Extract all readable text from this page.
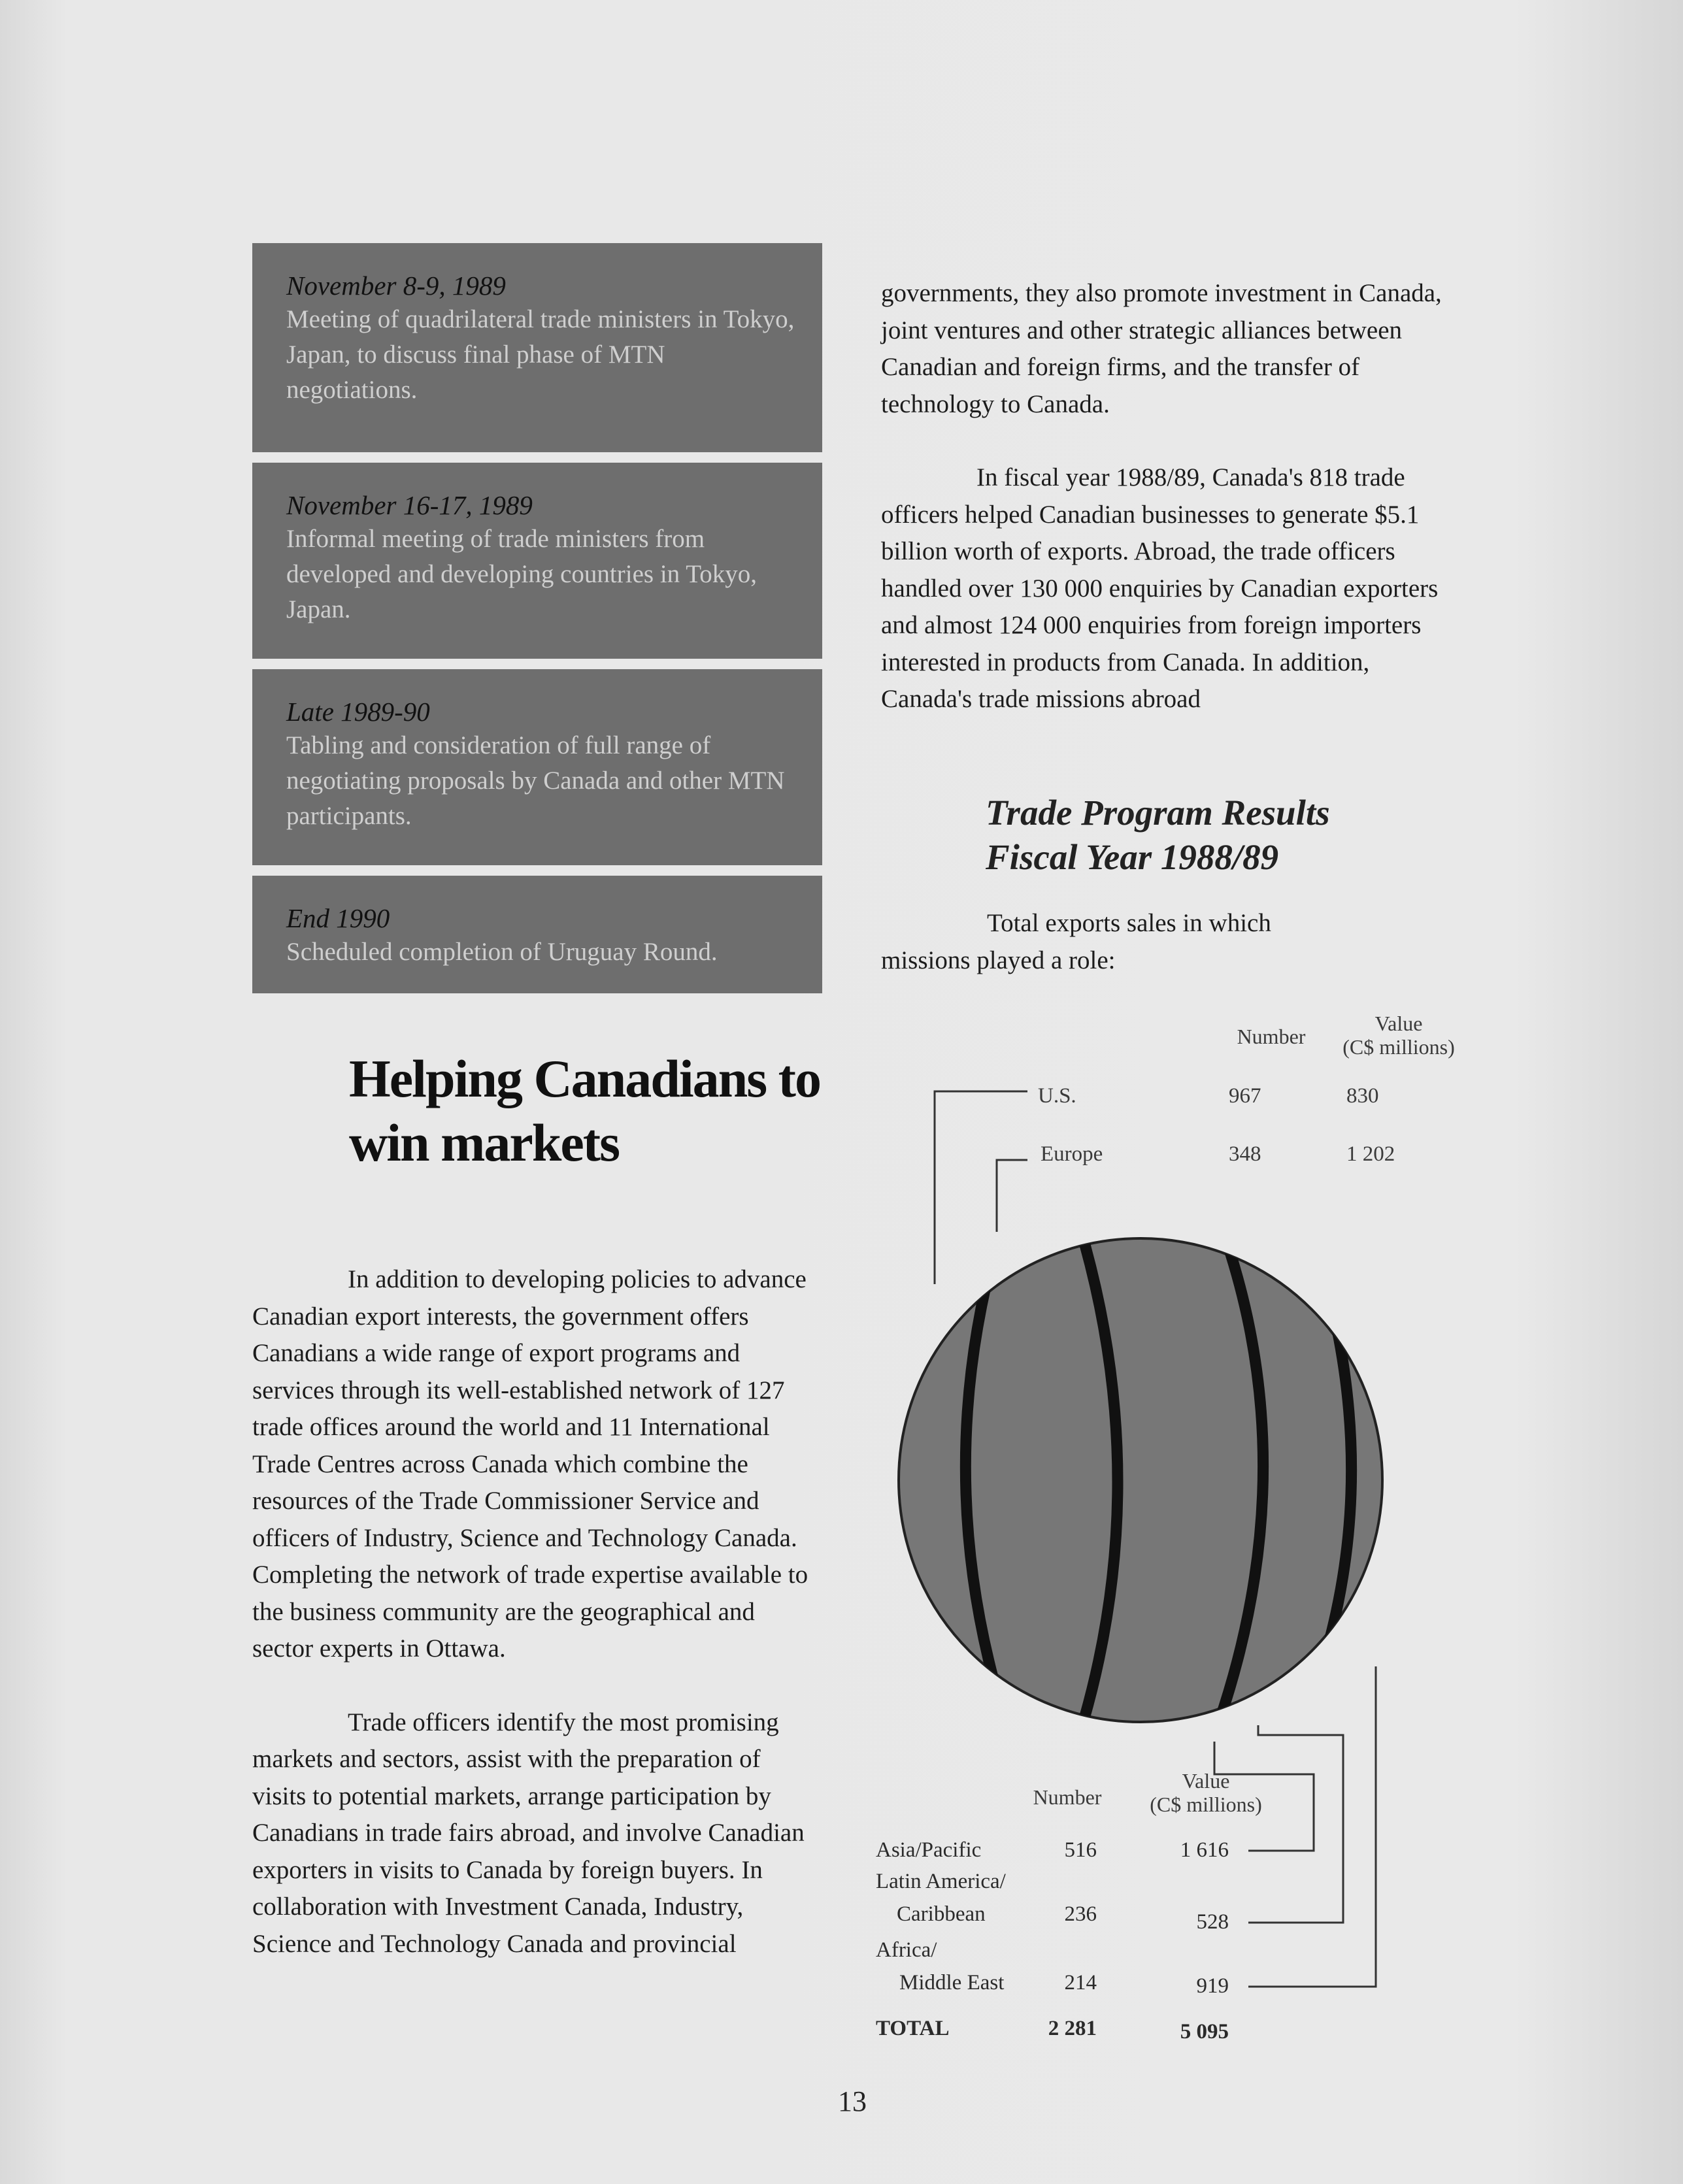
November 8-9, 1989
Meeting of quadrilateral trade ministers in Tokyo, Japan, to discuss final phase of MTN negotiations.
November 16-17, 1989
Informal meeting of trade ministers from developed and developing countries in Tokyo, Japan.
Late 1989-90
Tabling and consideration of full range of negotiating proposals by Canada and other MTN participants.
End 1990
Scheduled completion of Uruguay Round.
Helping Canadians to win markets

In addition to developing policies to advance Canadian export interests, the government offers Canadians a wide range of export programs and services through its well-established network of 127 trade offices around the world and 11 International Trade Centres across Canada which combine the resources of the Trade Commissioner Service and officers of Industry, Science and Technology Canada. Completing the network of trade expertise available to the business community are the geographical and sector experts in Ottawa.

Trade officers identify the most promising markets and sectors, assist with the preparation of visits to potential markets, arrange participation by Canadians in trade fairs abroad, and involve Canadian exporters in visits to Canada by foreign buyers. In collaboration with Investment Canada, Industry, Science and Technology Canada and provincial

governments, they also promote investment in Canada, joint ventures and other strategic alliances between Canadian and foreign firms, and the transfer of technology to Canada.

In fiscal year 1988/89, Canada's 818 trade officers helped Canadian businesses to generate $5.1 billion worth of exports. Abroad, the trade officers handled over 130 000 enquiries by Canadian exporters and almost 124 000 enquiries from foreign importers interested in products from Canada. In addition, Canada's trade missions abroad

Trade Program Results
Fiscal Year 1988/89
Total exports sales in which missions played a role:
Number
Value
(C$ millions)
U.S.	967	830
Europe	348	1 202
Number
Value
(C$ millions)
Asia/Pacific	516	1 616
Latin America/
Caribbean	236	528
Africa/
Middle East	214	919
TOTAL	2 281	5 095
13
